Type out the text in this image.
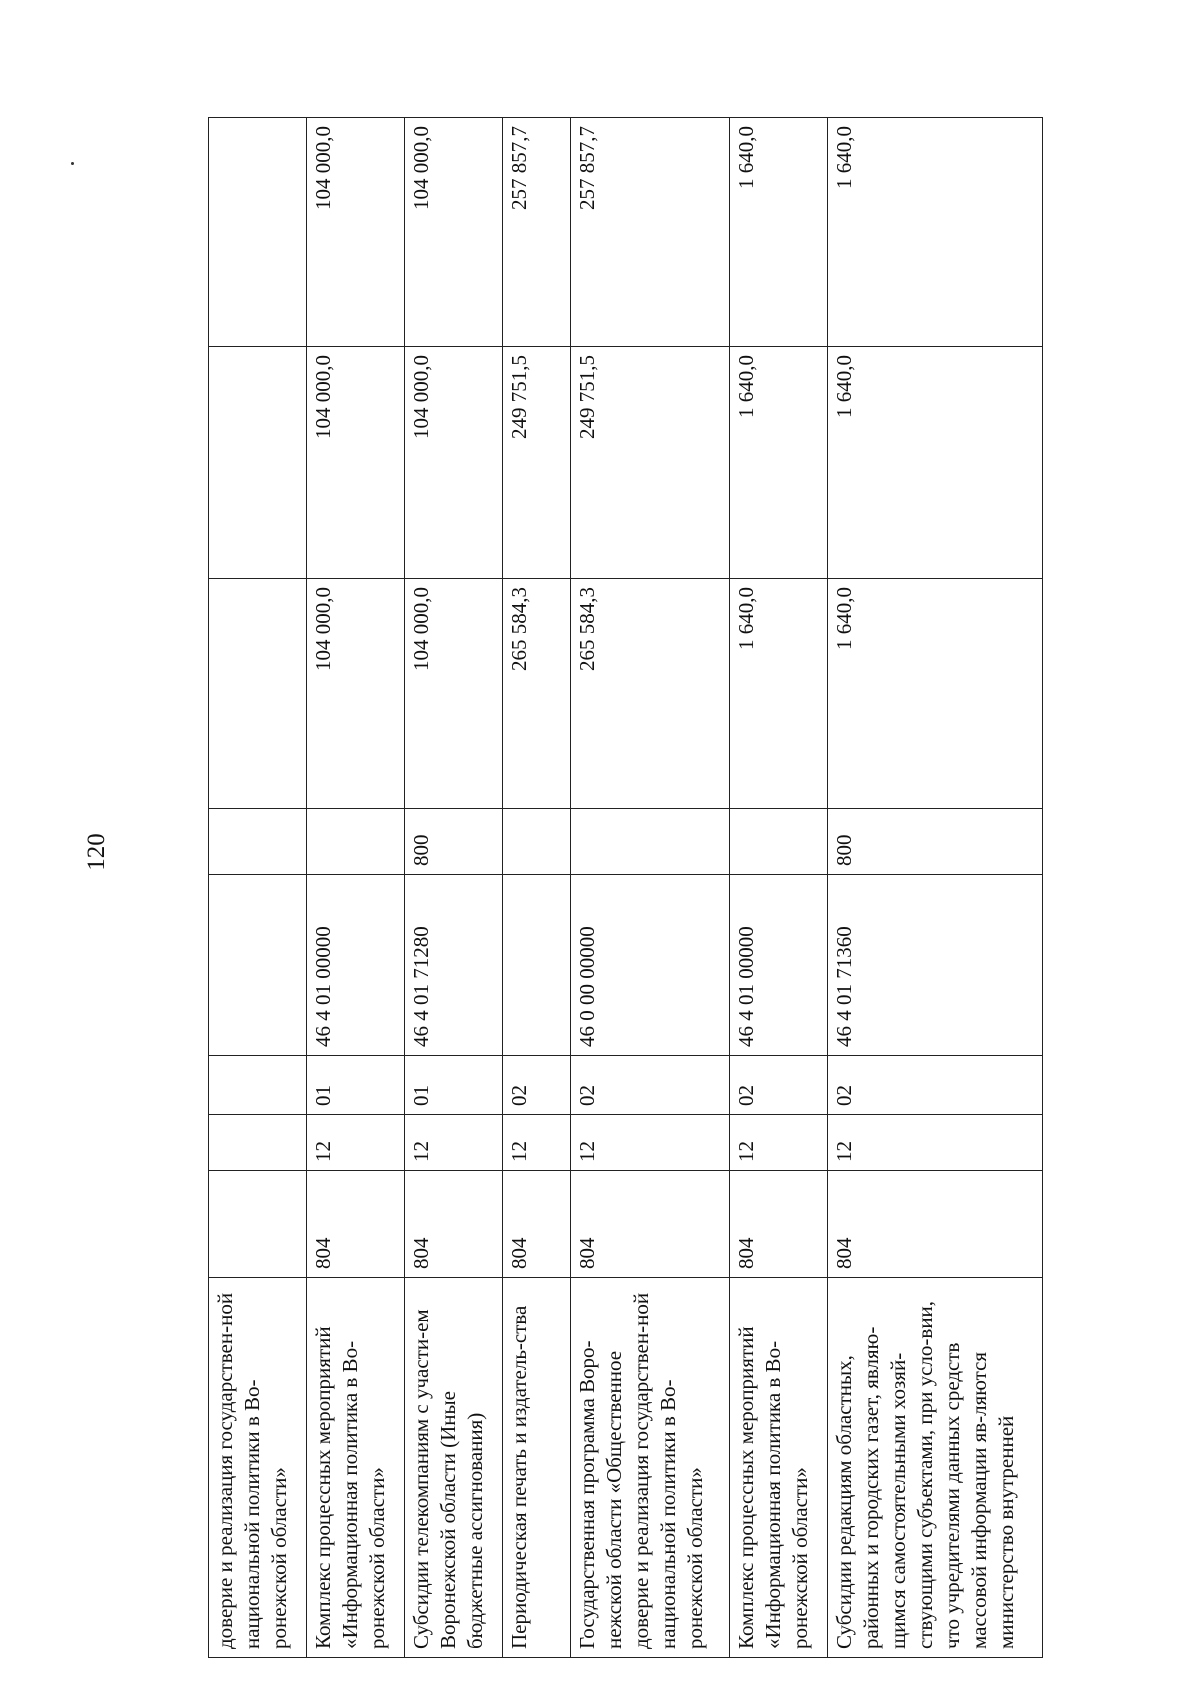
120
доверие и реализация государствен-ной национальной политики в Во-ронежской области»								
Комплекс процессных мероприятий «Информационная политика в Во-ронежской области»	804	12	01	46 4 01 00000		104 000,0	104 000,0	104 000,0
Субсидии телекомпаниям с участи-ем Воронежской области (Иные бюджетные ассигнования)	804	12	01	46 4 01 71280	800	104 000,0	104 000,0	104 000,0
Периодическая печать и издатель-ства	804	12	02			265 584,3	249 751,5	257 857,7
Государственная программа Воро-нежской области «Общественное доверие и реализация государствен-ной национальной политики в Во-ронежской области»	804	12	02	46 0 00 00000		265 584,3	249 751,5	257 857,7
Комплекс процессных мероприятий «Информационная политика в Во-ронежской области»	804	12	02	46 4 01 00000		1 640,0	1 640,0	1 640,0
Субсидии редакциям областных, районных и городских газет, являю-щимся самостоятельными хозяй-ствующими субъектами, при усло-вии, что учредителями данных средств массовой информации яв-ляются министерство внутренней	804	12	02	46 4 01 71360	800	1 640,0	1 640,0	1 640,0
